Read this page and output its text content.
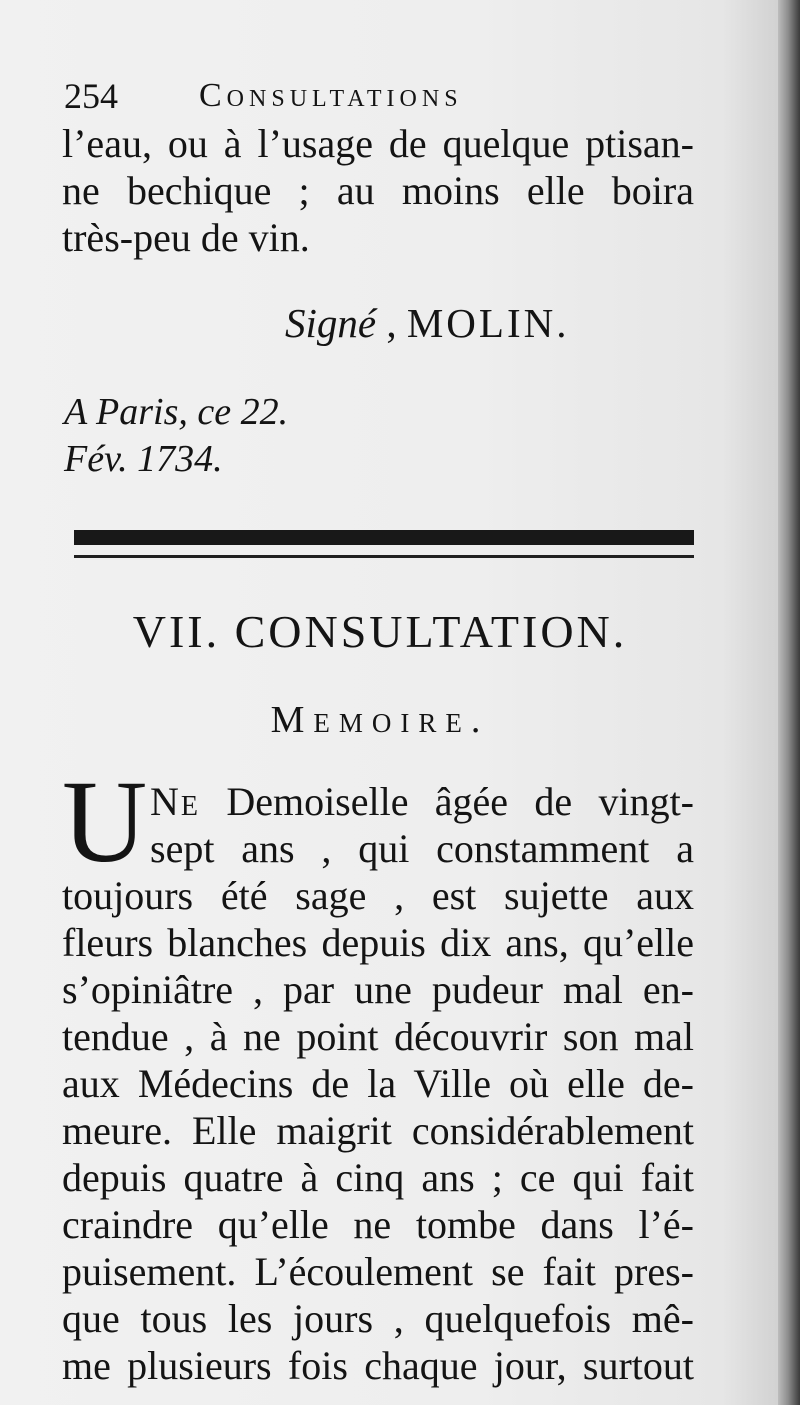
254 Consultations
l’eau, ou à l’usage de quelque ptisan-
ne bechique ; au moins elle boira
très-peu de vin.
Signé , MOLIN.
A Paris, ce 22.
Fév. 1734.
VII. CONSULTATION.
Memoire.
U Ne Demoiselle âgée de vingt-
sept ans , qui constamment a
toujours été sage , est sujette aux
fleurs blanches depuis dix ans, qu’elle
s’opiniâtre , par une pudeur mal en-
tendue , à ne point découvrir son mal
aux Médecins de la Ville où elle de-
meure. Elle maigrit considérablement
depuis quatre à cinq ans ; ce qui fait
craindre qu’elle ne tombe dans l’é-
puisement. L’écoulement se fait pres-
que tous les jours , quelquefois mê-
me plusieurs fois chaque jour, surtout
